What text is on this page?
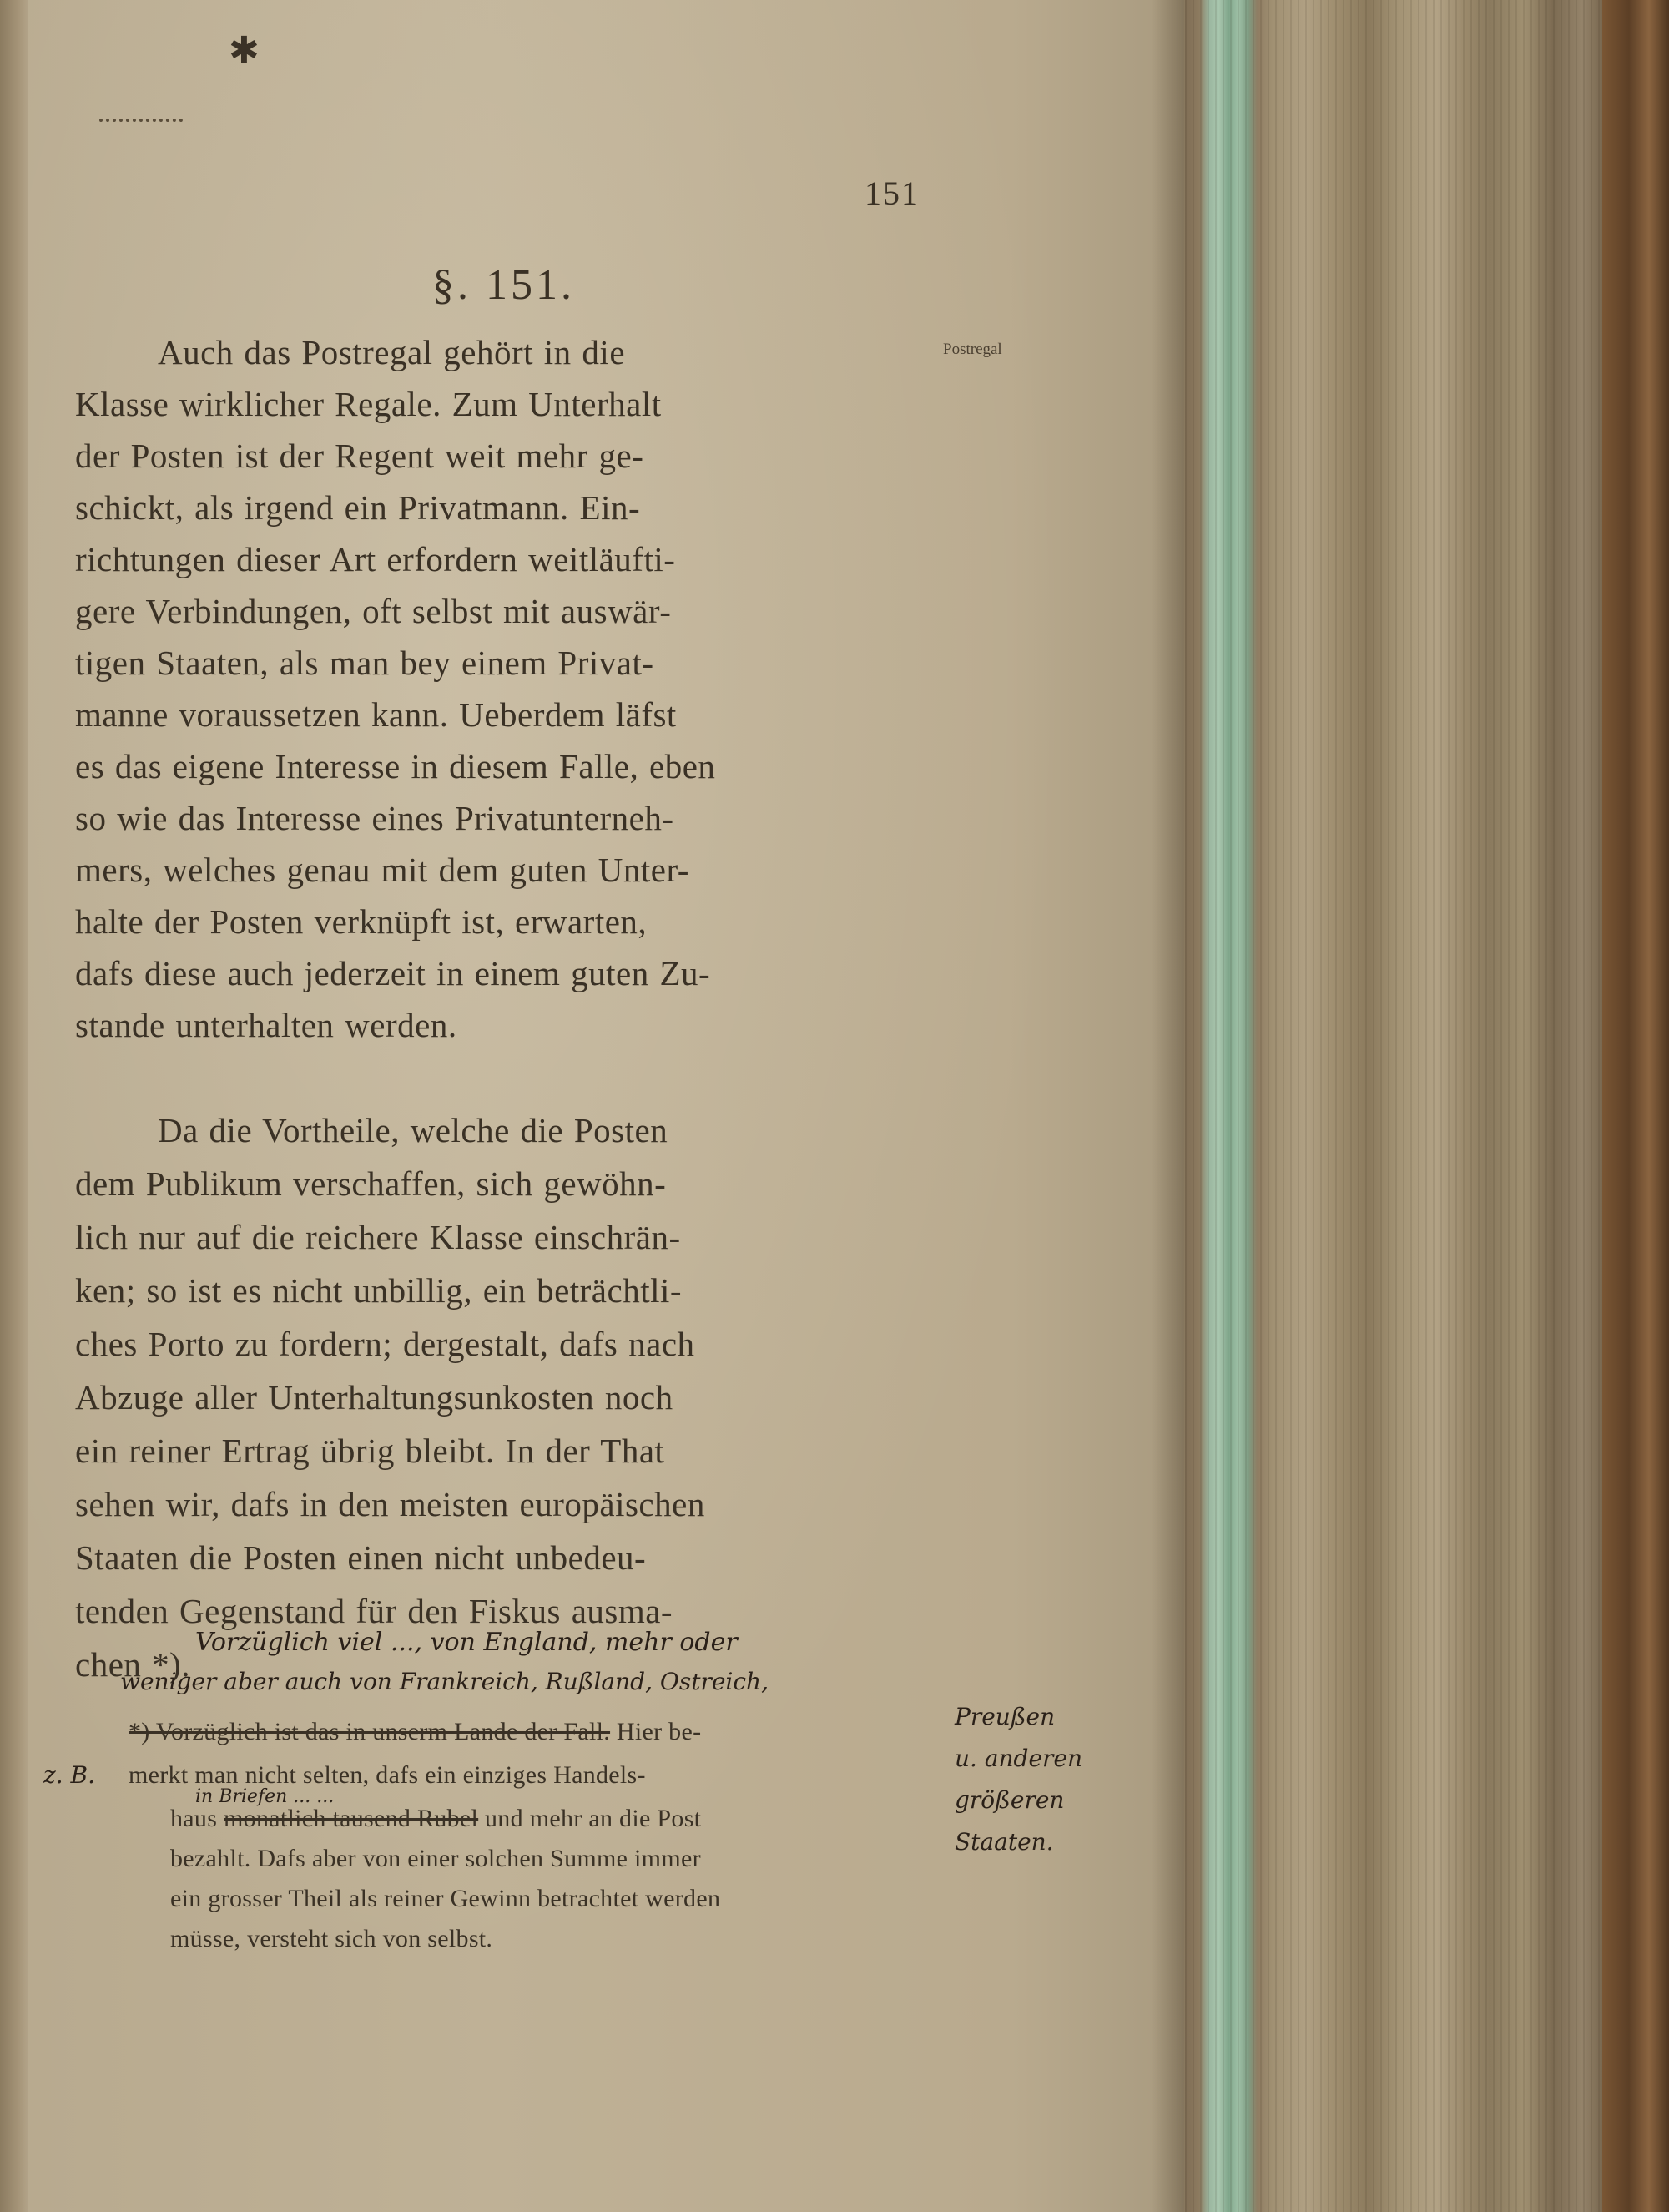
✱
151
§. 151.
Postregal
Auch das Postregal gehört in die
Klasse wirklicher Regale. Zum Unterhalt
der Posten ist der Regent weit mehr ge-
schickt, als irgend ein Privatmann. Ein-
richtungen dieser Art erfordern weitläufti-
gere Verbindungen, oft selbst mit auswär-
tigen Staaten, als man bey einem Privat-
manne voraussetzen kann. Ueberdem läfst
es das eigene Interesse in diesem Falle, eben
so wie das Interesse eines Privatunterneh-
mers, welches genau mit dem guten Unter-
halte der Posten verknüpft ist, erwarten,
dafs diese auch jederzeit in einem guten Zu-
stande unterhalten werden.
Da die Vortheile, welche die Posten
dem Publikum verschaffen, sich gewöhn-
lich nur auf die reichere Klasse einschrän-
ken; so ist es nicht unbillig, ein beträchtli-
ches Porto zu fordern; dergestalt, dafs nach
Abzuge aller Unterhaltungsunkosten noch
ein reiner Ertrag übrig bleibt. In der That
sehen wir, dafs in den meisten europäischen
Staaten die Posten einen nicht unbedeu-
tenden Gegenstand für den Fiskus ausma-
chen *).
Vorzüglich viel ..., von England, mehr oder
weniger aber auch von Frankreich, Rußland, Ostreich,
*) Vorzüglich ist das in unserm Lande der Fall. Hier be-
z. B. merkt man nicht selten, dafs ein einziges Handels-
in Briefen ... ...
haus monatlich tausend Rubel und mehr an die Post
bezahlt. Dafs aber von einer solchen Summe immer
ein grosser Theil als reiner Gewinn betrachtet werden
müsse, versteht sich von selbst.
Preußen
u. anderen
größeren
Staaten.
